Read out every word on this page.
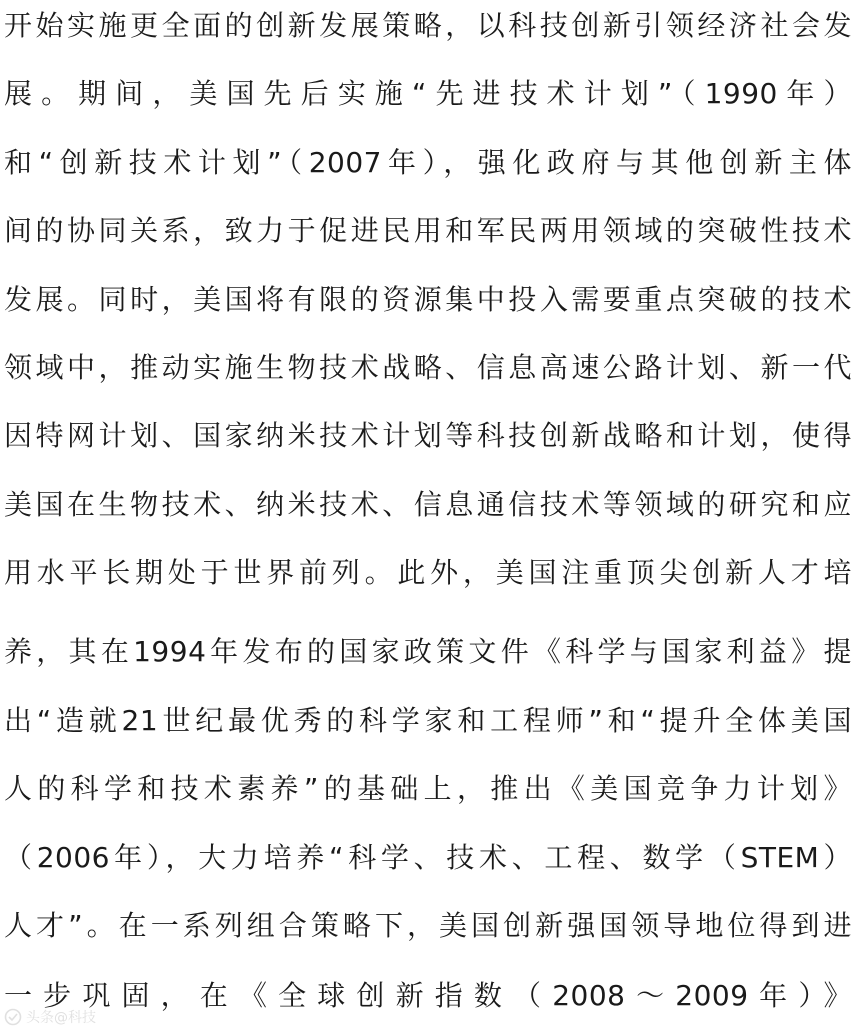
开始实施更全面的创新发展策略，以科技创新引领经济社会发
展。期间，美国先后实施“先进技术计划”（1990年）
和“创新技术计划”（2007年），强化政府与其他创新主体
间的协同关系，致力于促进民用和军民两用领域的突破性技术
发展。同时，美国将有限的资源集中投入需要重点突破的技术
领域中，推动实施生物技术战略、信息高速公路计划、新一代
因特网计划、国家纳米技术计划等科技创新战略和计划，使得
美国在生物技术、纳米技术、信息通信技术等领域的研究和应
用水平长期处于世界前列。此外，美国注重顶尖创新人才培
养，其在1994年发布的国家政策文件《科学与国家利益》提
出“造就21世纪最优秀的科学家和工程师”和“提升全体美国
人的科学和技术素养”的基础上，推出《美国竞争力计划》
（2006年），大力培养“科学、技术、工程、数学（STEM）
人才”。在一系列组合策略下，美国创新强国领导地位得到进
一步巩固，在《全球创新指数（2008～2009年）》
头条@科技
